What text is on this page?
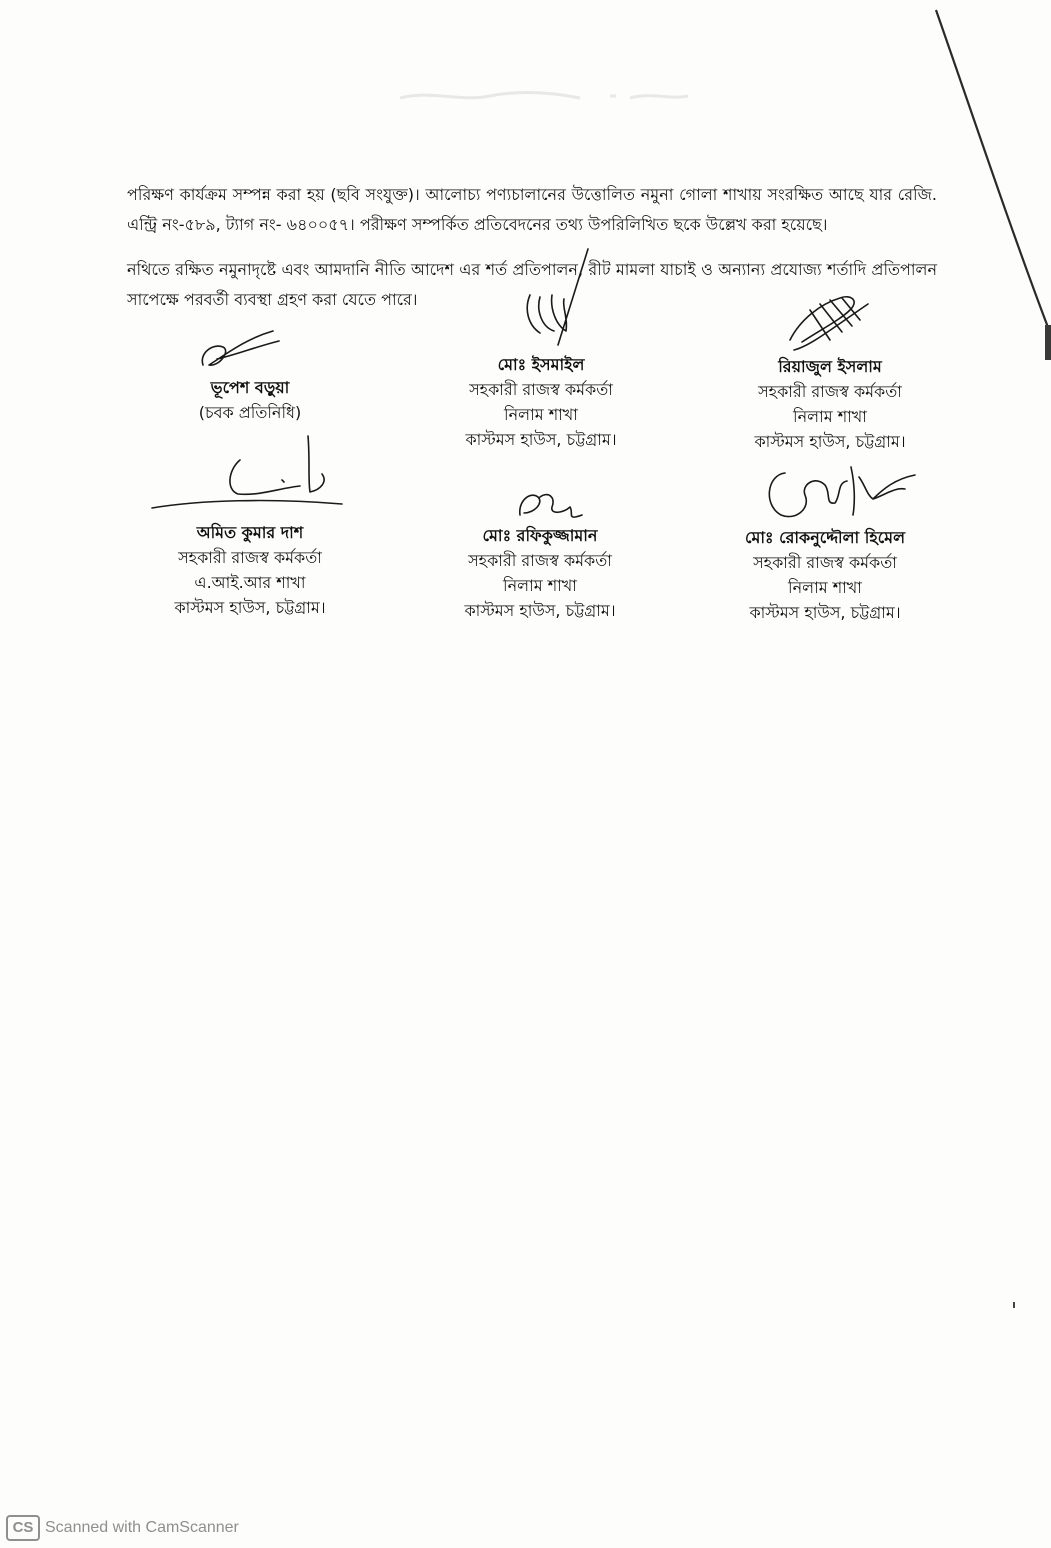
পরিক্ষণ কার্যক্রম সম্পন্ন করা হয় (ছবি সংযুক্ত)। আলোচ্য পণ্যচালানের উত্তোলিত নমুনা গোলা শাখায় সংরক্ষিত আছে যার রেজি. এন্ট্রি নং-৫৮৯, ট্যাগ নং- ৬৪০০৫৭। পরীক্ষণ সম্পর্কিত প্রতিবেদনের তথ্য উপরিলিখিত ছকে উল্লেখ করা হয়েছে।

নথিতে রক্ষিত নমুনাদৃষ্টে এবং আমদানি নীতি আদেশ এর শর্ত প্রতিপালন, রীট মামলা যাচাই ও অন্যান্য প্রযোজ্য শর্তাদি প্রতিপালন সাপেক্ষে পরবর্তী ব্যবস্থা গ্রহণ করা যেতে পারে।

ভূপেশ বড়ুয়া
(চবক প্রতিনিধি)
মোঃ ইসমাইল
সহকারী রাজস্ব কর্মকর্তা
নিলাম শাখা
কাস্টমস হাউস, চট্টগ্রাম।
রিয়াজুল ইসলাম
সহকারী রাজস্ব কর্মকর্তা
নিলাম শাখা
কাস্টমস হাউস, চট্টগ্রাম।
অমিত কুমার দাশ
সহকারী রাজস্ব কর্মকর্তা
এ.আই.আর শাখা
কাস্টমস হাউস, চট্টগ্রাম।
মোঃ রফিকুজ্জামান
সহকারী রাজস্ব কর্মকর্তা
নিলাম শাখা
কাস্টমস হাউস, চট্টগ্রাম।
মোঃ রোকনুদ্দৌলা হিমেল
সহকারী রাজস্ব কর্মকর্তা
নিলাম শাখা
কাস্টমস হাউস, চট্টগ্রাম।
CS Scanned with CamScanner
